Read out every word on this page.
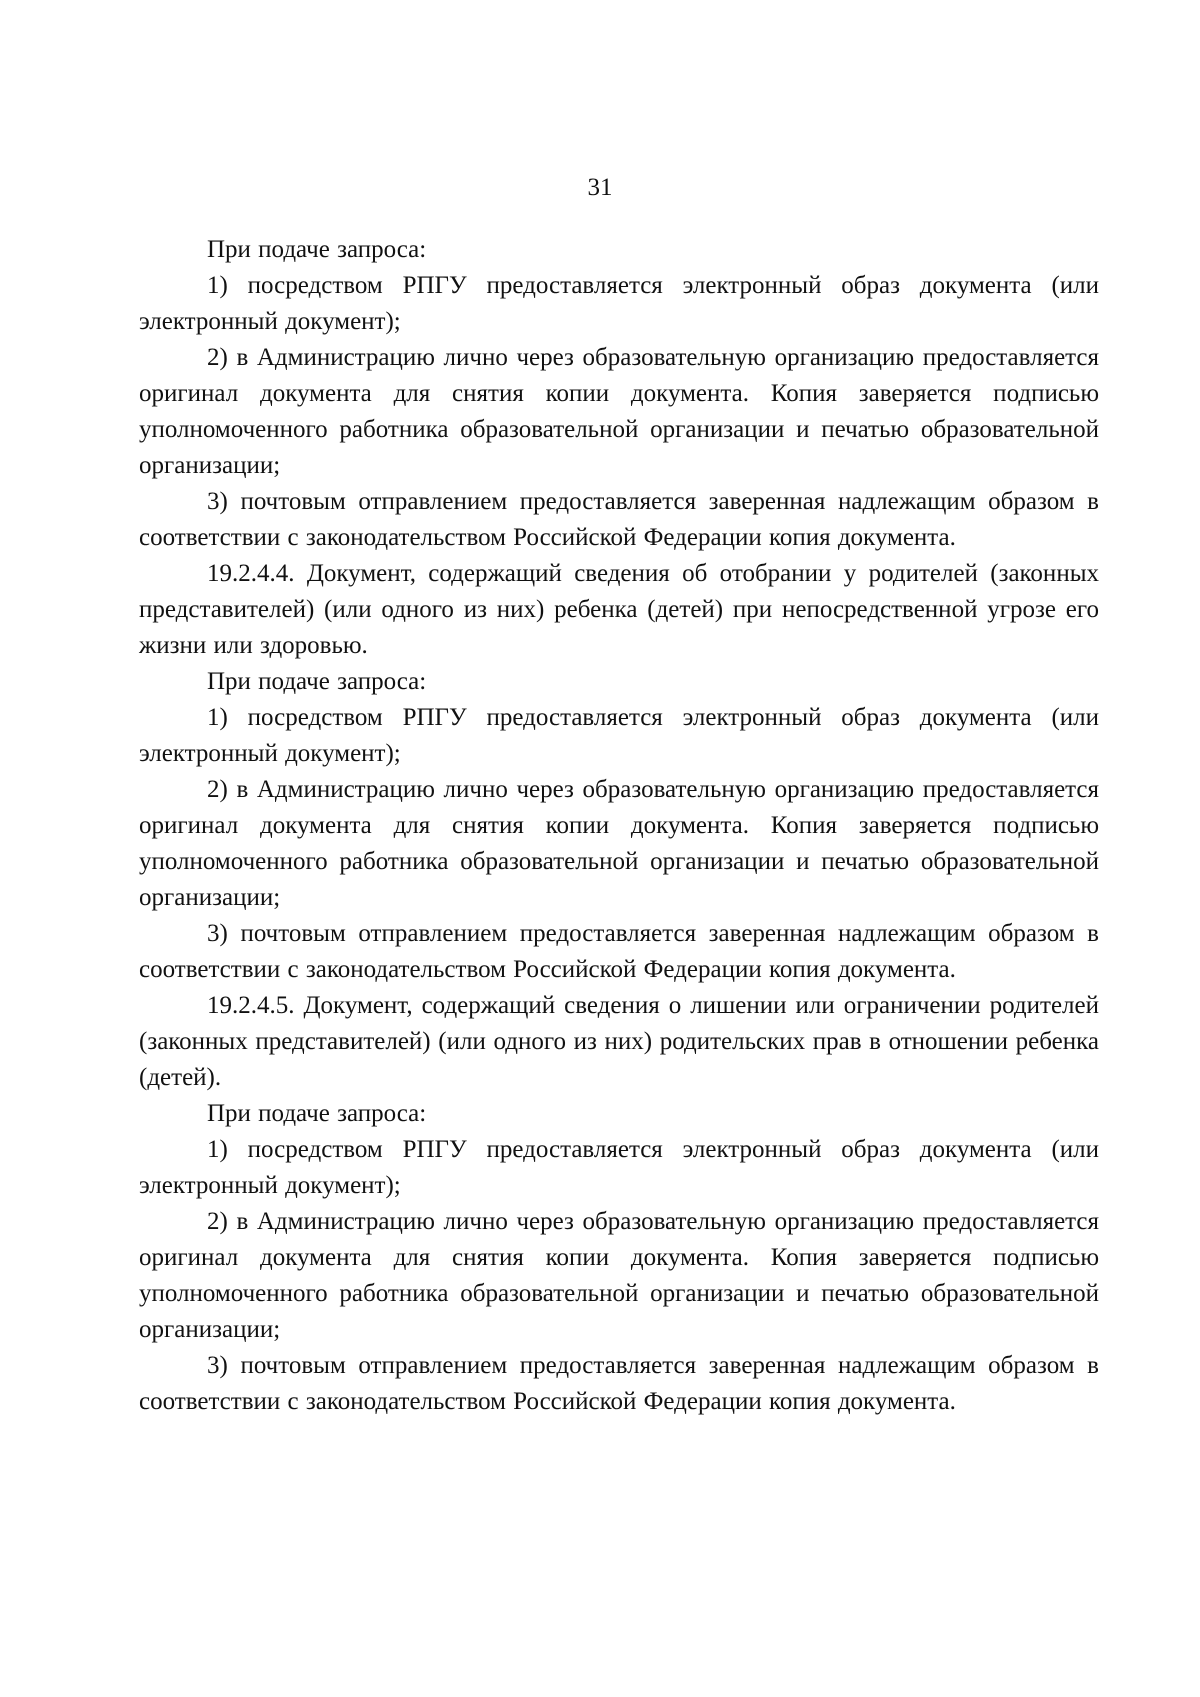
31

При подаче запроса:

1) посредством РПГУ предоставляется электронный образ документа (или электронный документ);

2) в Администрацию лично через образовательную организацию предоставляется оригинал документа для снятия копии документа. Копия заверяется подписью уполномоченного работника образовательной организации и печатью образовательной организации;

3) почтовым отправлением предоставляется заверенная надлежащим образом в соответствии с законодательством Российской Федерации копия документа.

19.2.4.4. Документ, содержащий сведения об отобрании у родителей (законных представителей) (или одного из них) ребенка (детей) при непосредственной угрозе его жизни или здоровью.

При подаче запроса:

1) посредством РПГУ предоставляется электронный образ документа (или электронный документ);

2) в Администрацию лично через образовательную организацию предоставляется оригинал документа для снятия копии документа. Копия заверяется подписью уполномоченного работника образовательной организации и печатью образовательной организации;

3) почтовым отправлением предоставляется заверенная надлежащим образом в соответствии с законодательством Российской Федерации копия документа.

19.2.4.5. Документ, содержащий сведения о лишении или ограничении родителей (законных представителей) (или одного из них) родительских прав в отношении ребенка (детей).

При подаче запроса:

1) посредством РПГУ предоставляется электронный образ документа (или электронный документ);

2) в Администрацию лично через образовательную организацию предоставляется оригинал документа для снятия копии документа. Копия заверяется подписью уполномоченного работника образовательной организации и печатью образовательной организации;

3) почтовым отправлением предоставляется заверенная надлежащим образом в соответствии с законодательством Российской Федерации копия документа.
